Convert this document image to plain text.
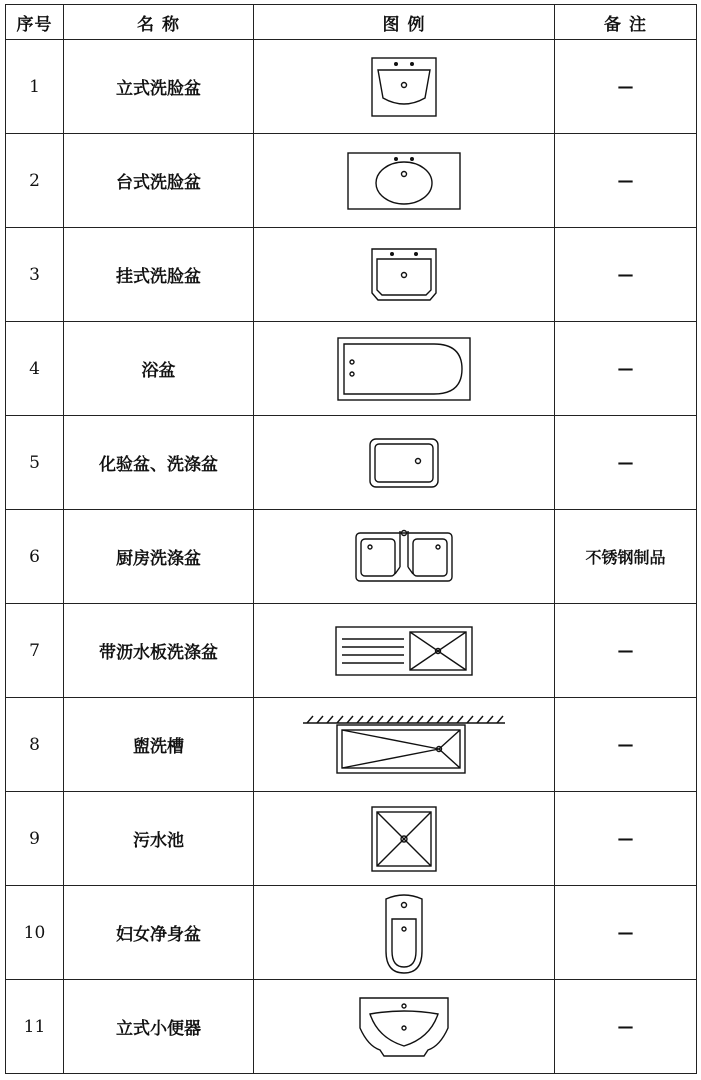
序号	名 称	图 例	备 注
1	立式洗脸盆		—
2	台式洗脸盆		—
3	挂式洗脸盆		—
4	浴盆		—
5	化验盆、洗涤盆		—
6	厨房洗涤盆		不锈钢制品
7	带沥水板洗涤盆		—
8	盥洗槽		—
9	污水池		—
10	妇女净身盆		—
11	立式小便器		—
